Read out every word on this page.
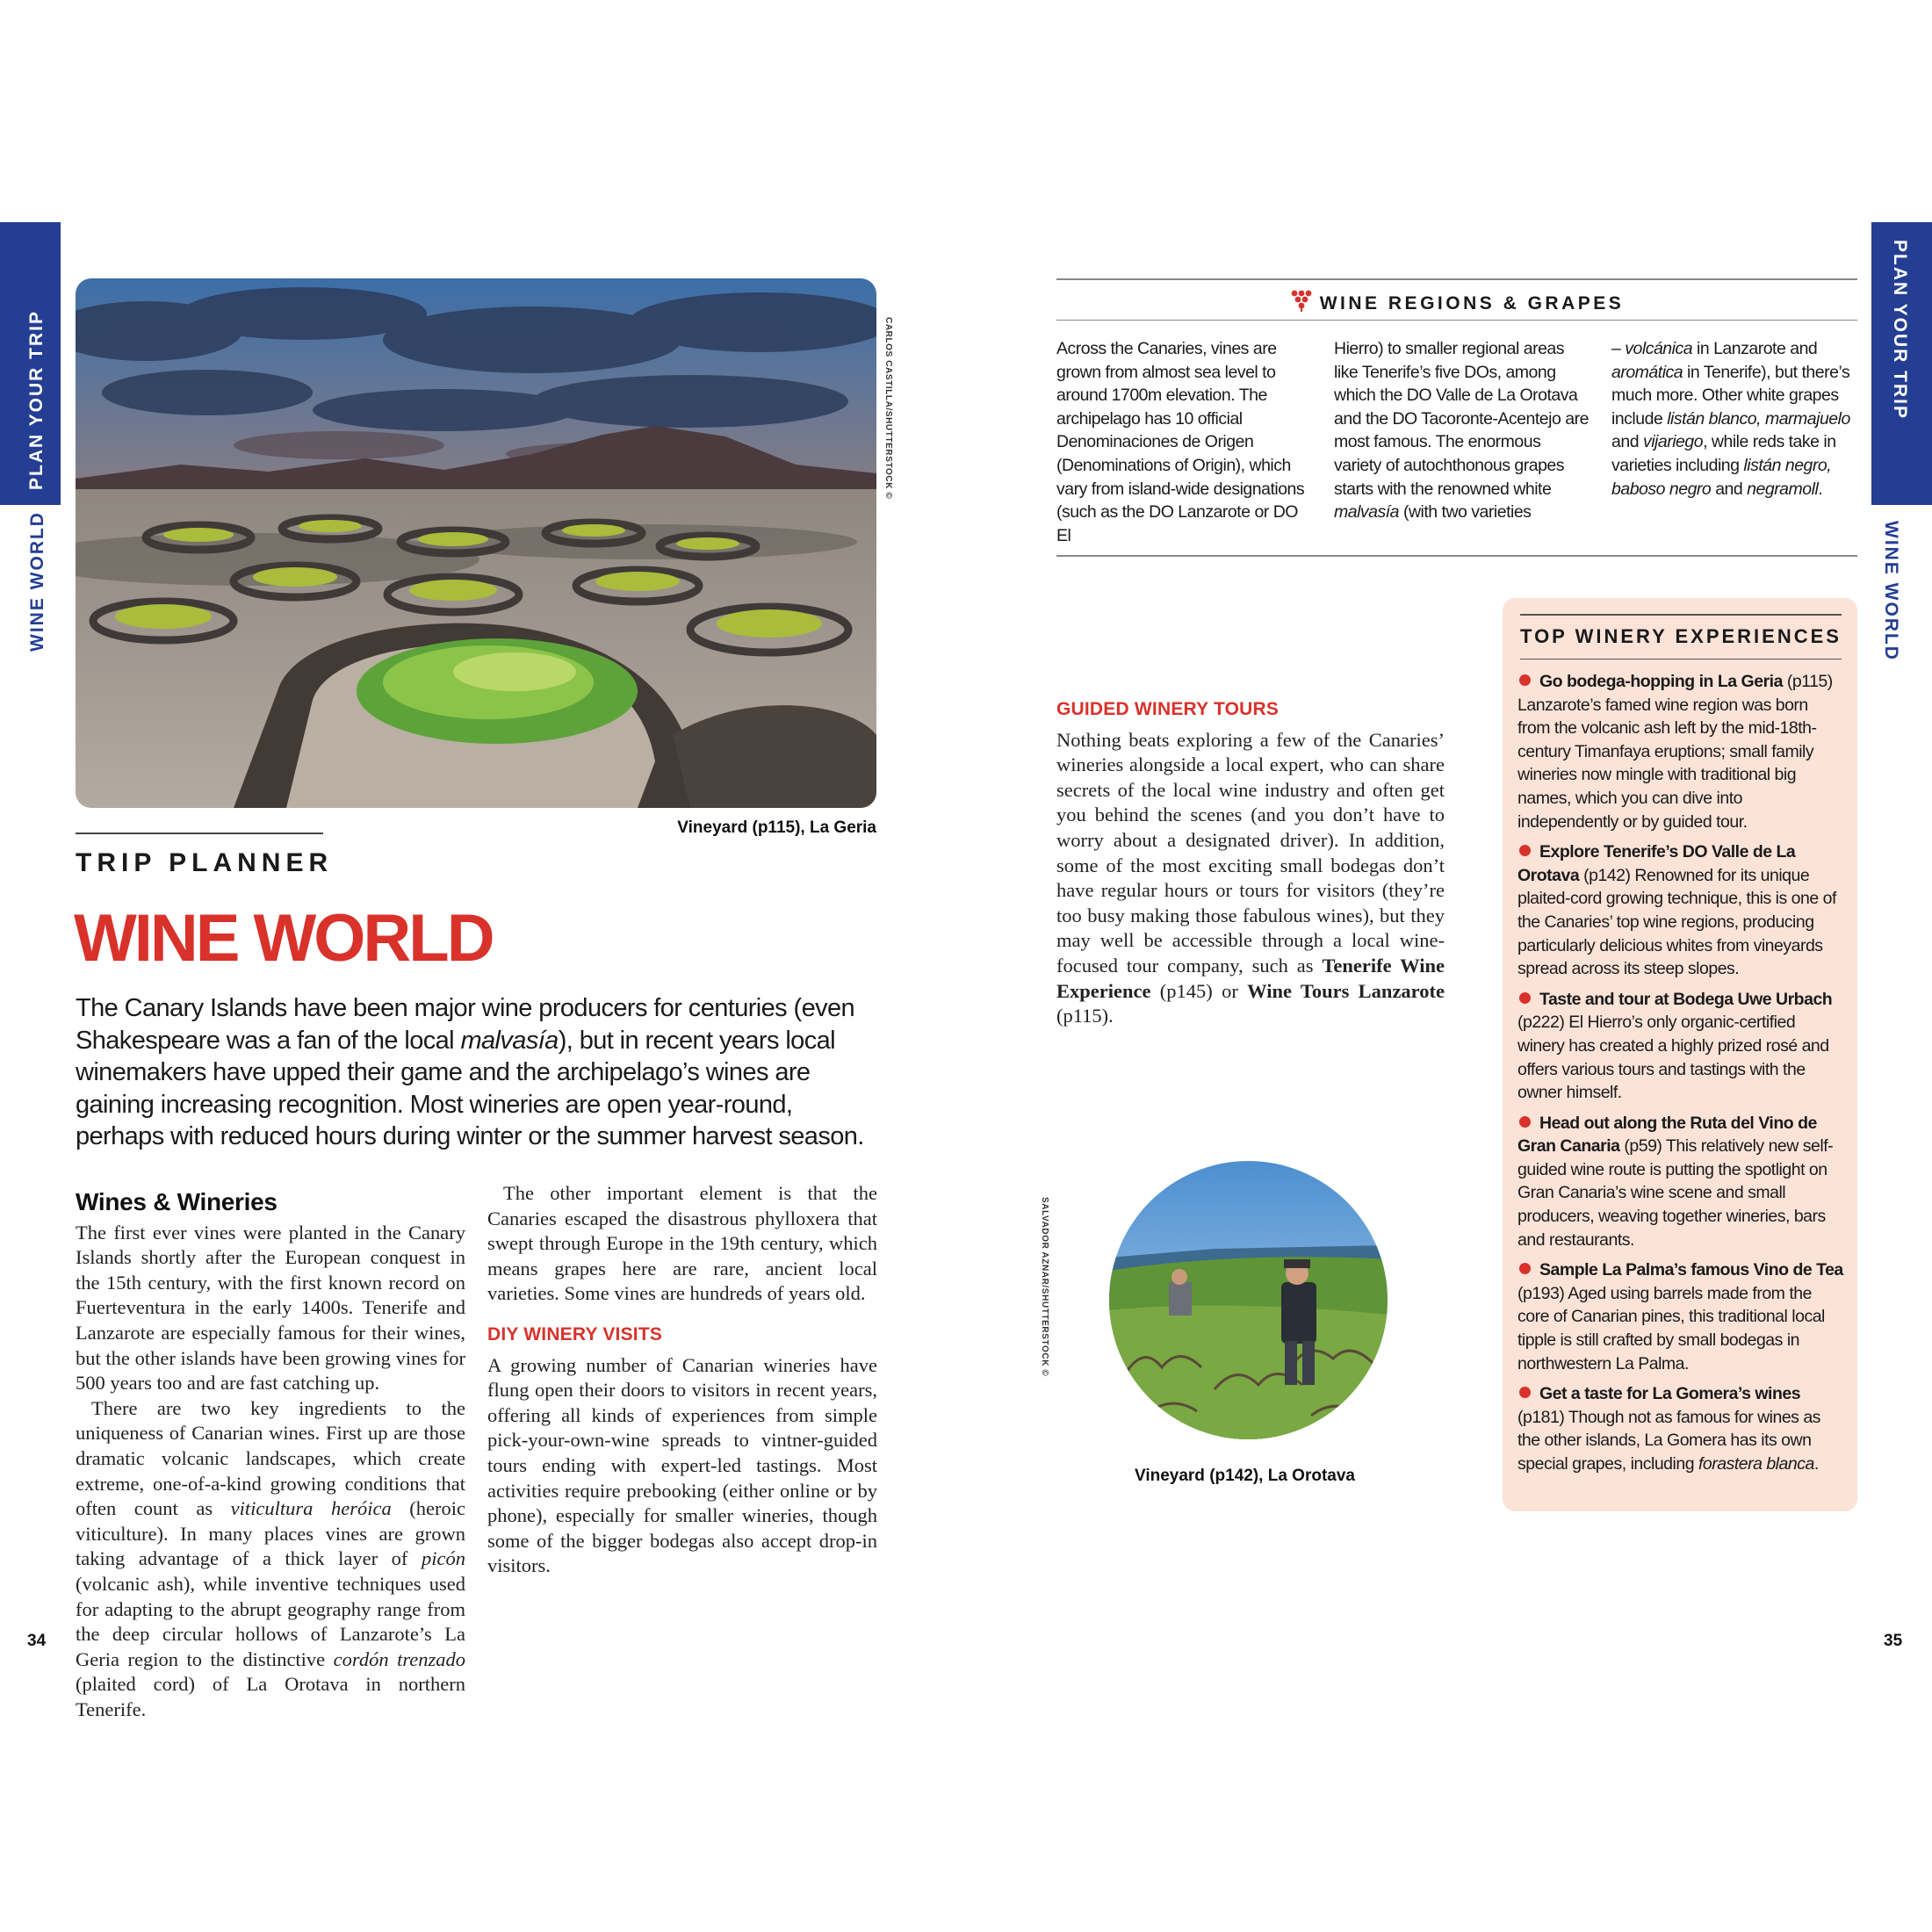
PLAN YOUR TRIP
WINE WORLD
PLAN YOUR TRIP
WINE WORLD
CARLOS CASTILLA/SHUTTERSTOCK ©
Vineyard (p115), La Geria
TRIP PLANNER
WINE WORLD
The Canary Islands have been major wine producers for centuries (even Shakespeare was a fan of the local malvasía), but in recent years local winemakers have upped their game and the archipelago’s wines are gaining increasing recognition. Most wineries are open year-round, perhaps with reduced hours during winter or the summer harvest season.
Wines & Wineries

The first ever vines were planted in the Canary Islands shortly after the European conquest in the 15th century, with the first known record on Fuerteventura in the early 1400s. Tenerife and Lanzarote are especially famous for their wines, but the other islands have been growing vines for 500 years too and are fast catching up.

There are two key ingredients to the uniqueness of Canarian wines. First up are those dramatic volcanic landscapes, which create extreme, one-of-a-kind growing conditions that often count as viticultura heróica (heroic viticulture). In many places vines are grown taking advantage of a thick layer of picón (volcanic ash), while inventive techniques used for adapting to the abrupt geography range from the deep circular hollows of Lanzarote’s La Geria region to the distinctive cordón trenzado (plaited cord) of La Orotava in northern Tenerife.

The other important element is that the Canaries escaped the disastrous phylloxera that swept through Europe in the 19th century, which means grapes here are rare, ancient local varieties. Some vines are hundreds of years old.

DIY WINERY VISITS

A growing number of Canarian wineries have flung open their doors to visitors in recent years, offering all kinds of experiences from simple pick-your-own-wine spreads to vintner-guided tours ending with expert-led tastings. Most activities require prebooking (either online or by phone), especially for smaller wineries, though some of the bigger bodegas also accept drop-in visitors.

WINE REGIONS & GRAPES
Across the Canaries, vines are grown from almost sea level to around 1700m elevation. The archipelago has 10 official Denominaciones de Origen (Denominations of Origin), which vary from island-wide designations (such as the DO Lanzarote or DO El
Hierro) to smaller regional areas like Tenerife’s five DOs, among which the DO Valle de La Orotava and the DO Tacoronte-Acentejo are most famous. The enormous variety of autochthonous grapes starts with the renowned white malvasía (with two varieties
– volcánica in Lanzarote and aromática in Tenerife), but there’s much more. Other white grapes include listán blanco, marmajuelo and vijariego, while reds take in varieties including listán negro, baboso negro and negramoll.
GUIDED WINERY TOURS

Nothing beats exploring a few of the Canaries’ wineries alongside a local expert, who can share secrets of the local wine industry and often get you behind the scenes (and you don’t have to worry about a designated driver). In addition, some of the most exciting small bodegas don’t have regular hours or tours for visitors (they’re too busy making those fabulous wines), but they may well be accessible through a local wine-focused tour company, such as Tenerife Wine Experience (p145) or Wine Tours Lanzarote (p115).

TOP WINERY EXPERIENCES
Go bodega-hopping in La Geria (p115) Lanzarote’s famed wine region was born from the volcanic ash left by the mid-18th-century Timanfaya eruptions; small family wineries now mingle with traditional big names, which you can dive into independently or by guided tour.
Explore Tenerife’s DO Valle de La Orotava (p142) Renowned for its unique plaited-cord growing technique, this is one of the Canaries’ top wine regions, producing particularly delicious whites from vineyards spread across its steep slopes.
Taste and tour at Bodega Uwe Urbach (p222) El Hierro’s only organic-certified winery has created a highly prized rosé and offers various tours and tastings with the owner himself.
Head out along the Ruta del Vino de Gran Canaria (p59) This relatively new self-guided wine route is putting the spotlight on Gran Canaria’s wine scene and small producers, weaving together wineries, bars and restaurants.
Sample La Palma’s famous Vino de Tea (p193) Aged using barrels made from the core of Canarian pines, this traditional local tipple is still crafted by small bodegas in northwestern La Palma.
Get a taste for La Gomera’s wines (p181) Though not as famous for wines as the other islands, La Gomera has its own special grapes, including forastera blanca.
SALVADOR AZNAR/SHUTTERSTOCK ©
Vineyard (p142), La Orotava
34	35
